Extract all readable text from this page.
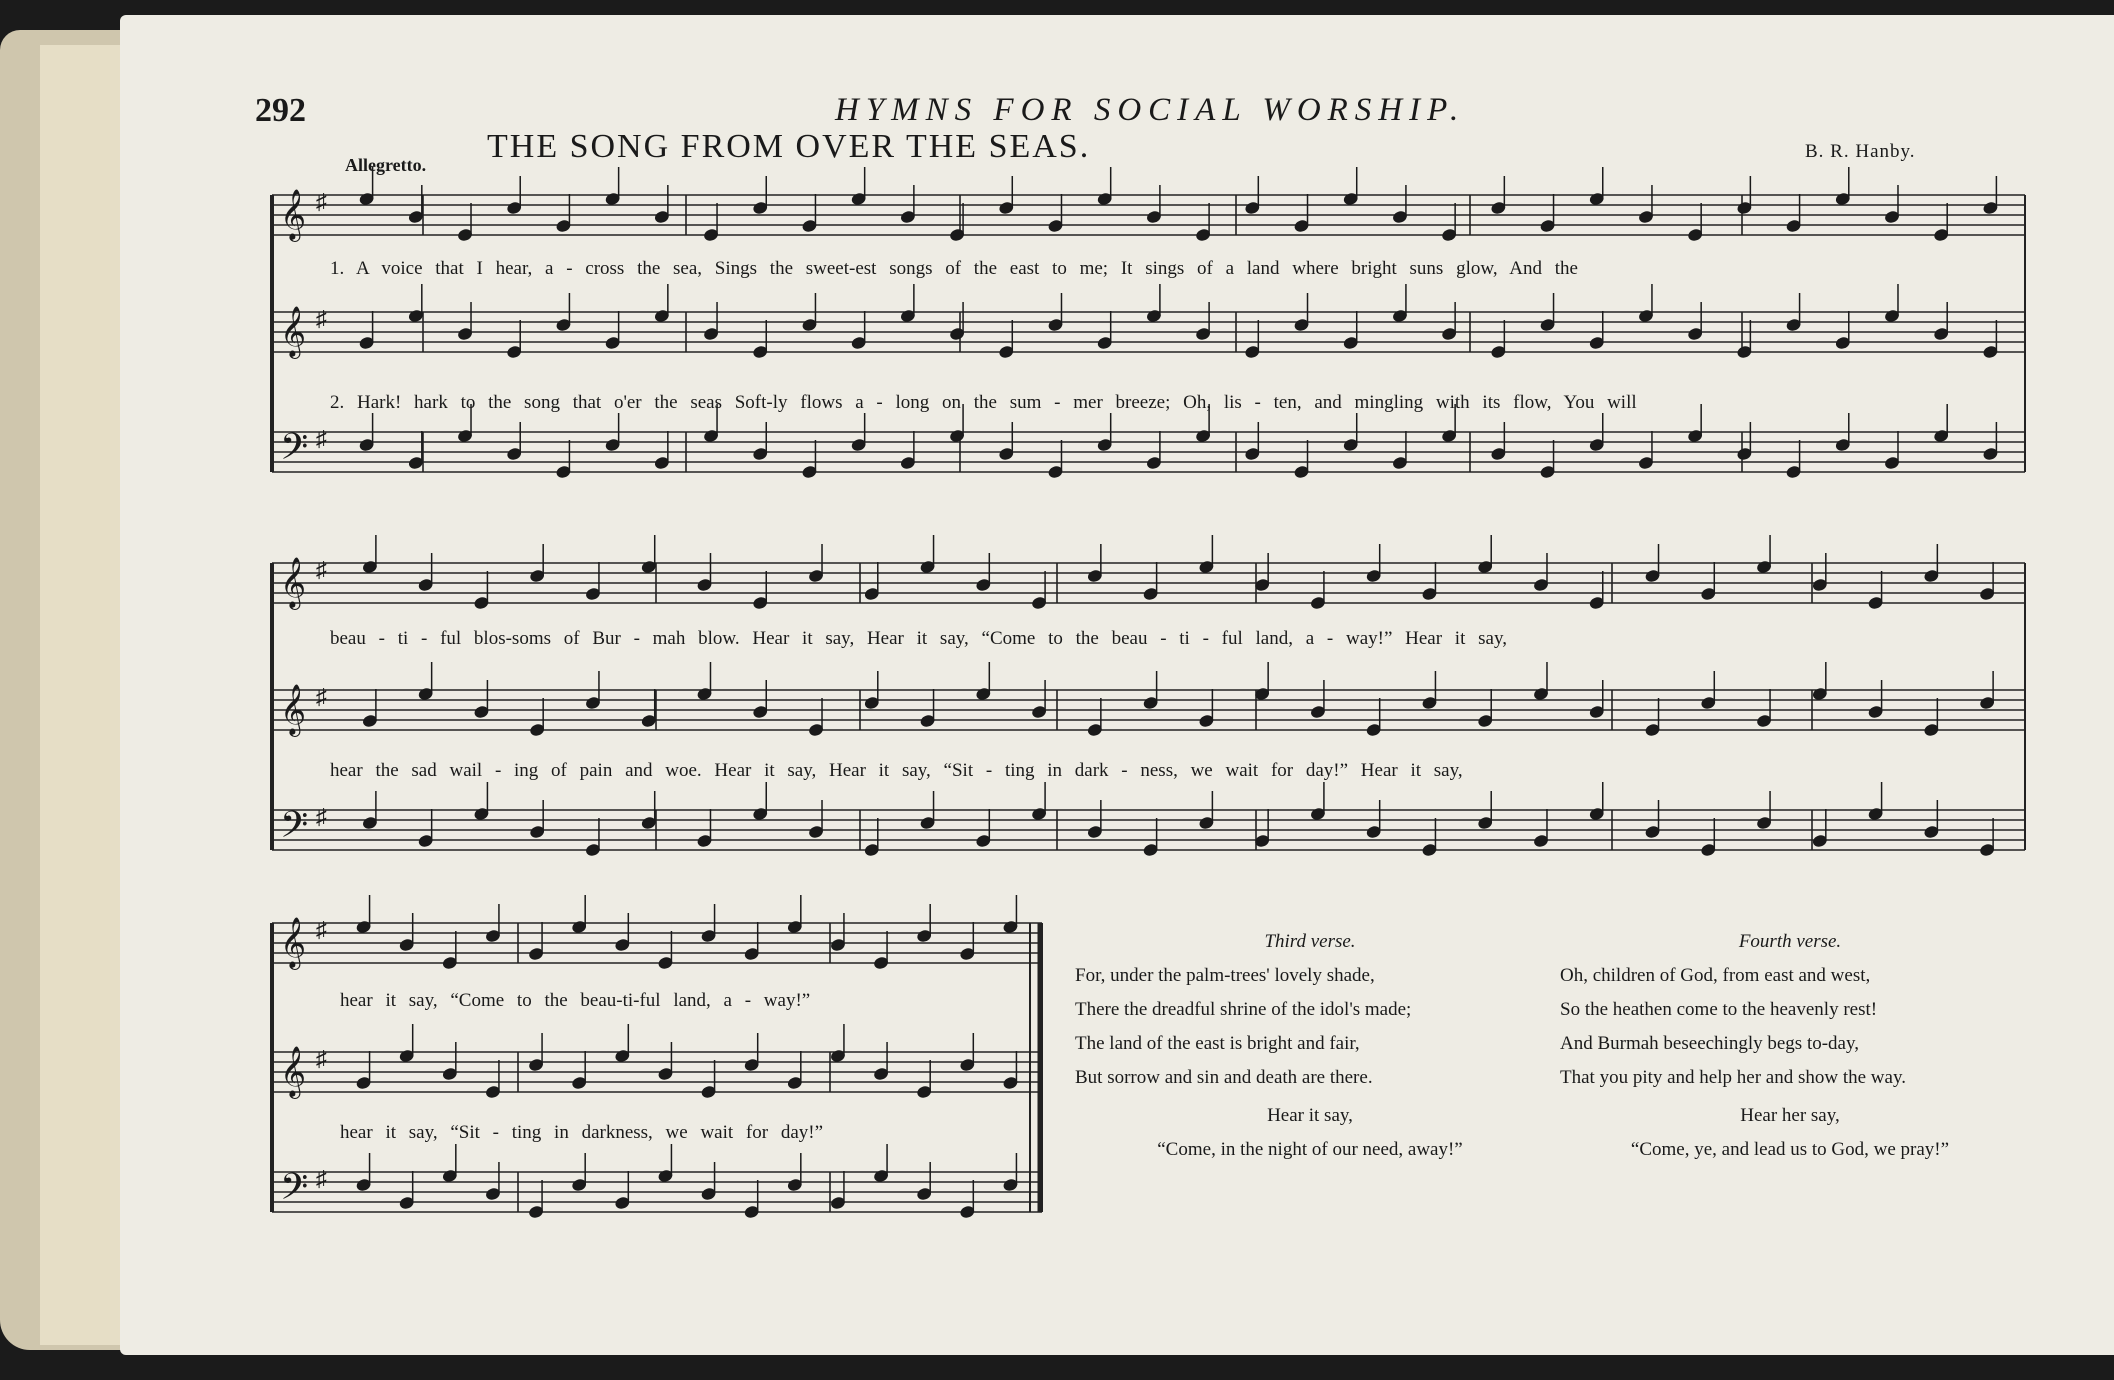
292	HYMNS FOR SOCIAL WORSHIP.
THE SONG FROM OVER THE SEAS.	B. R. Hanby.
Allegretto.
𝄞 ♯
𝄞 ♯
𝄢 ♯
𝄞 ♯
𝄞 ♯
𝄢 ♯
𝄞 ♯
𝄞 ♯
𝄢 ♯
1. A voice that I hear, a - cross the sea, Sings the sweet-est songs of the east to me; It sings of a land where bright suns glow, And the
2. Hark! hark to the song that o'er the seas Soft-ly flows a - long on the sum - mer breeze; Oh, lis - ten, and mingling with its flow, You will
beau - ti - ful blos-soms of Bur - mah blow. Hear it say, Hear it say, “Come to the beau - ti - ful land, a - way!” Hear it say,
hear the sad wail - ing of pain and woe. Hear it say, Hear it say, “Sit - ting in dark - ness, we wait for day!” Hear it say,
hear it say, “Come to the beau-ti-ful land, a - way!”
hear it say, “Sit - ting in darkness, we wait for day!”
Third verse.
For, under the palm-trees' lovely shade,
There the dreadful shrine of the idol's made;
The land of the east is bright and fair,
But sorrow and sin and death are there.
Hear it say,
“Come, in the night of our need, away!”
Fourth verse.
Oh, children of God, from east and west,
So the heathen come to the heavenly rest!
And Burmah beseechingly begs to-day,
That you pity and help her and show the way.
Hear her say,
“Come, ye, and lead us to God, we pray!”
